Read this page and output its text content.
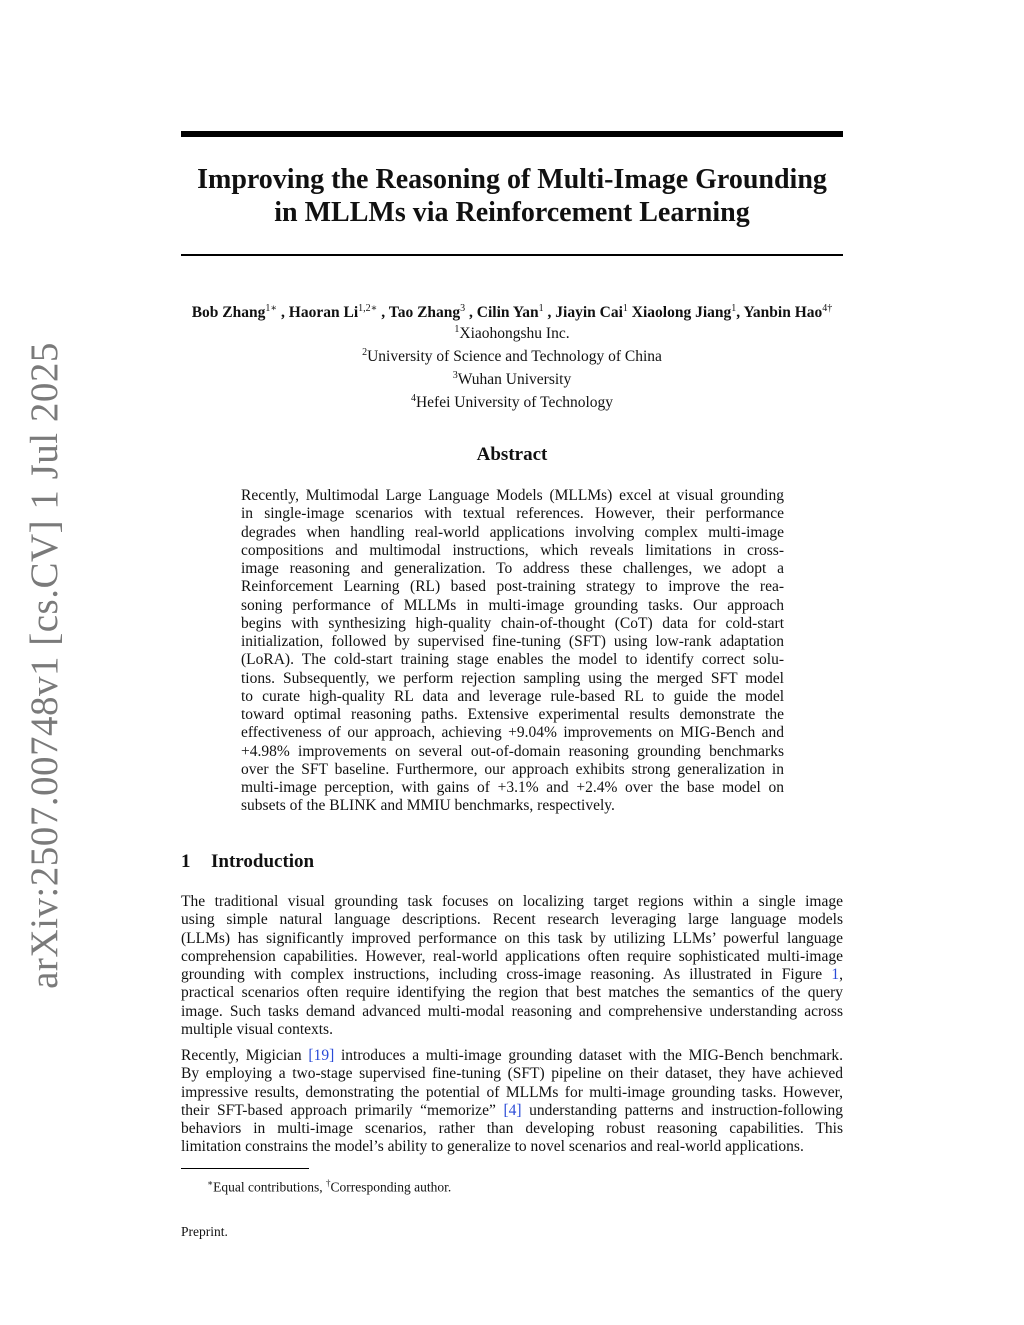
arXiv:2507.00748v1 [cs.CV] 1 Jul 2025
Improving the Reasoning of Multi-Image Grounding
in MLLMs via Reinforcement Learning
Bob Zhang$^{1∗}$ , Haoran $Li^{1,2∗}$ , Tao Zhang$^3$ , Cilin Yan$^1$ , Jiayin Cai$^1$ Xiaolong Jiang$^1$, Yanbin Hao$^{4\dagger}$
$^1$Xiaohongshu Inc.
$^2$University of Science and Technology of China
$^3$Wuhan University
$^4$Hefei University of Technology
Abstract
Recently, Multimodal Large Language Models (MLLMs) excel at visual grounding
in single-image scenarios with textual references. However, their performance
degrades when handling real-world applications involving complex multi-image
compositions and multimodal instructions, which reveals limitations in cross-
image reasoning and generalization. To address these challenges, we adopt a
Reinforcement Learning (RL) based post-training strategy to improve the rea-
soning performance of MLLMs in multi-image grounding tasks. Our approach
begins with synthesizing high-quality chain-of-thought (CoT) data for cold-start
initialization, followed by supervised fine-tuning (SFT) using low-rank adaptation
(LoRA). The cold-start training stage enables the model to identify correct solu-
tions. Subsequently, we perform rejection sampling using the merged SFT model
to curate high-quality RL data and leverage rule-based RL to guide the model
toward optimal reasoning paths. Extensive experimental results demonstrate the
effectiveness of our approach, achieving +9.04% improvements on MIG-Bench and
+4.98% improvements on several out-of-domain reasoning grounding benchmarks
over the SFT baseline. Furthermore, our approach exhibits strong generalization in
multi-image perception, with gains of +3.1% and +2.4% over the base model on
subsets of the BLINK and MMIU benchmarks, respectively.
1 Introduction
The traditional visual grounding task focuses on localizing target regions within a single image
using simple natural language descriptions. Recent research leveraging large language models
(LLMs) has significantly improved performance on this task by utilizing LLMs’ powerful language
comprehension capabilities. However, real-world applications often require sophisticated multi-image
grounding with complex instructions, including cross-image reasoning. As illustrated in Figure 1,
practical scenarios often require identifying the region that best matches the semantics of the query
image. Such tasks demand advanced multi-modal reasoning and comprehensive understanding across
multiple visual contexts.
Recently, Migician [19] introduces a multi-image grounding dataset with the MIG-Bench benchmark.
By employing a two-stage supervised fine-tuning (SFT) pipeline on their dataset, they have achieved
impressive results, demonstrating the potential of MLLMs for multi-image grounding tasks. However,
their SFT-based approach primarily “memorize” [4] understanding patterns and instruction-following
behaviors in multi-image scenarios, rather than developing robust reasoning capabilities. This
limitation constrains the model’s ability to generalize to novel scenarios and real-world applications.
∗Equal contributions, †Corresponding author.
Preprint.
